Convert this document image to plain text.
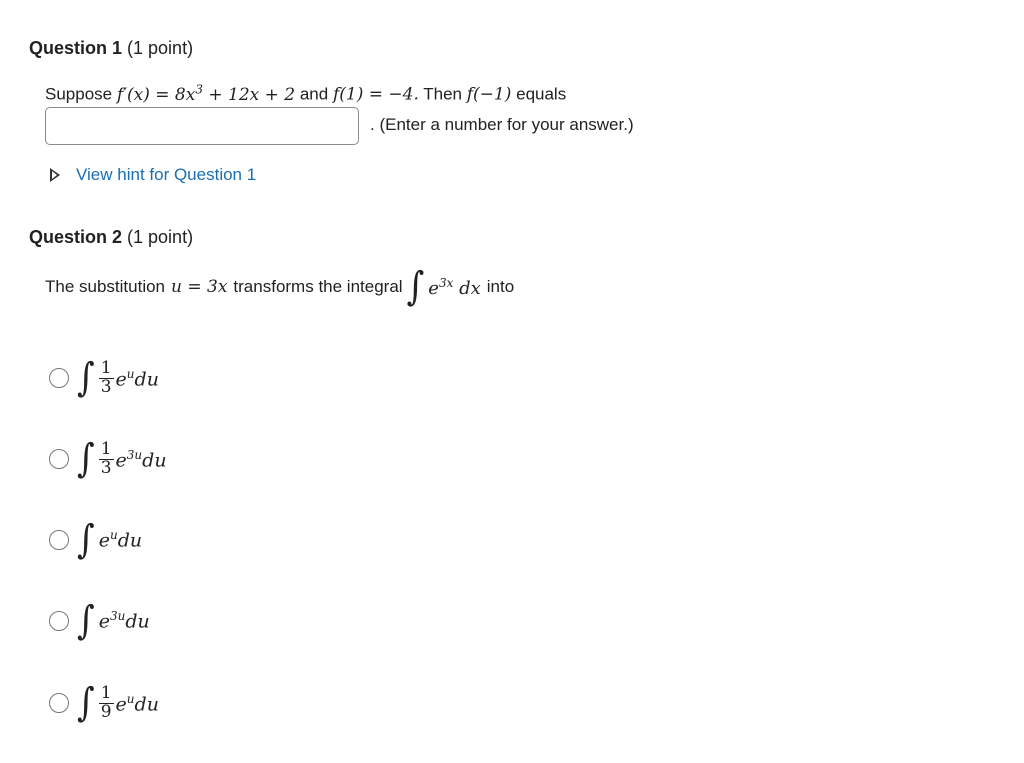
Question 1 (1 point)
Suppose $f'(x) = 8x^3 + 12x + 2$ and f(1) = −4. Then f(−1) equals
. (Enter a number for your answer.)
View hint for Question 1
Question 2 (1 point)
The substitution u = 3x transforms the integral ∫ $e^{3x}$ dx into
∫ $\frac{1}{3} e^udu$
∫ $\frac{1}{3} e^{3u}du$
∫ $e^udu$
∫ $e^{3u}du$
∫ $\frac{1}{9} e^udu$
